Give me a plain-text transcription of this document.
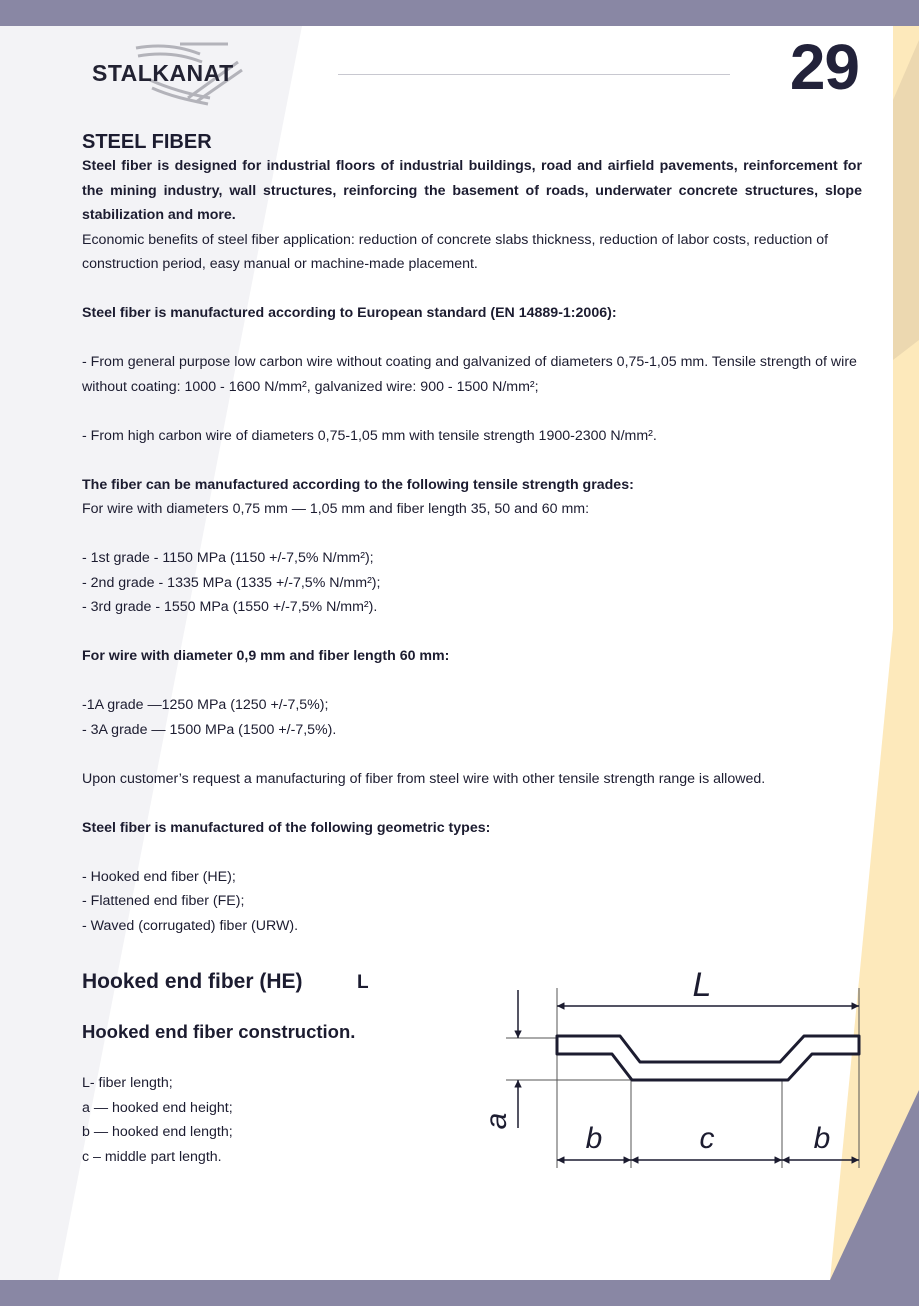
STALKANAT	29

STEEL FIBER

Steel fiber is designed for industrial floors of industrial buildings, road and airfield pavements, reinforcement for the mining industry, wall structures, reinforcing the basement of roads, underwater concrete structures, slope stabilization and more.

Economic benefits of steel fiber application: reduction of concrete slabs thickness, reduction of labor costs, reduction of construction period, easy manual or machine-made placement.

Steel fiber is manufactured according to European standard (EN 14889-1:2006):

- From general purpose low carbon wire without coating and galvanized of diameters 0,75-1,05 mm. Tensile strength of wire without coating: 1000 - 1600 N/mm², galvanized wire: 900 - 1500 N/mm²;

- From high carbon wire of diameters 0,75-1,05 mm with tensile strength 1900-2300 N/mm².

The fiber can be manufactured according to the following tensile strength grades:

For wire with diameters 0,75 mm — 1,05 mm and fiber length 35, 50 and 60 mm:

- 1st grade - 1150 MPa (1150 +/-7,5% N/mm²);

- 2nd grade - 1335 MPa (1335 +/-7,5% N/mm²);

- 3rd grade - 1550 MPa (1550 +/-7,5% N/mm²).

For wire with diameter 0,9 mm and fiber length 60 mm:

-1A grade —1250 MPa (1250 +/-7,5%);

- 3A grade — 1500 MPa (1500 +/-7,5%).

Upon customer’s request a manufacturing of fiber from steel wire with other tensile strength range is allowed.

Steel fiber is manufactured of the following geometric types:

- Hooked end fiber (HE);

- Flattened end fiber (FE);

- Waved (corrugated) fiber (URW).

Hooked end fiber (HE)	L
Hooked end fiber construction.

L- fiber length;

a — hooked end height;

b — hooked end length;

c – middle part length.

L
a
b	c	b
